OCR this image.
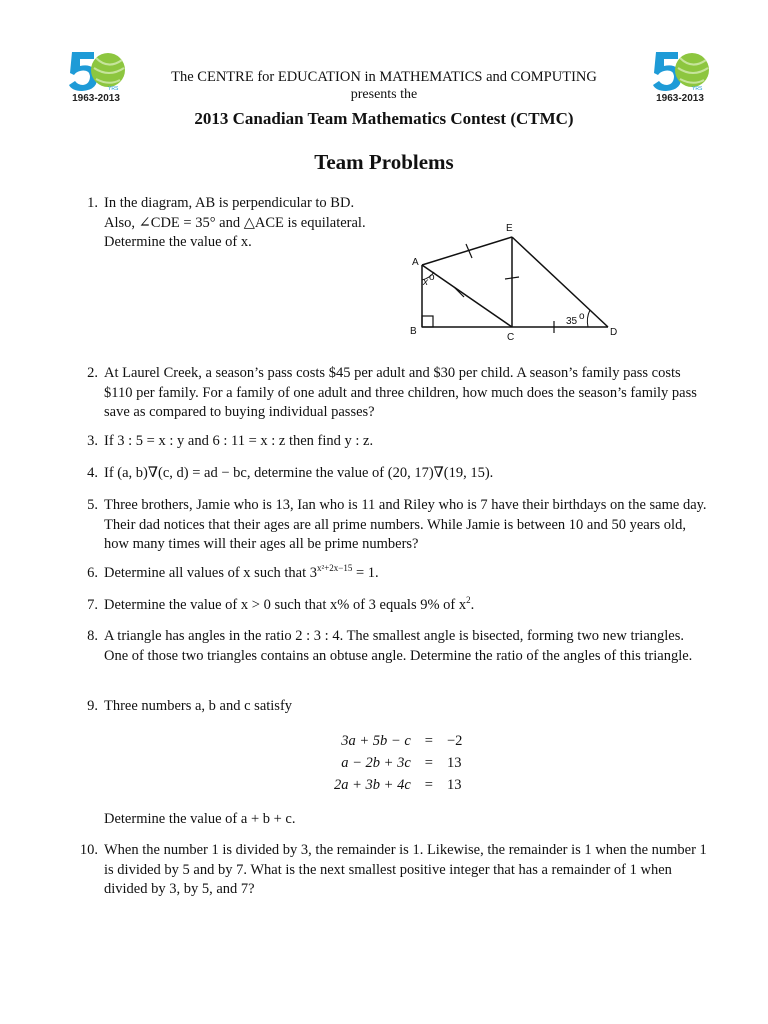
YRS
1963-2013
YRS
1963-2013
The CENTRE for EDUCATION in MATHEMATICS and COMPUTING
presents the
2013 Canadian Team Mathematics Contest (CTMC)
Team Problems
1. In the diagram, AB is perpendicular to BD.

Also, ∠CDE = 35° and △ACE is equilateral.

Determine the value of x.

A
B
C	D
E
x o
35 o
2. At Laurel Creek, a season’s pass costs $45 per adult and $30 per child. A season’s family pass costs $110 per family. For a family of one adult and three children, how much does the season’s family pass save as compared to buying individual passes?

3. If 3 : 5 = x : y and 6 : 11 = x : z then find y : z.

4. If (a, b)∇(c, d) = ad − bc, determine the value of (20, 17)∇(19, 15).

5. Three brothers, Jamie who is 13, Ian who is 11 and Riley who is 7 have their birthdays on the same day. Their dad notices that their ages are all prime numbers. While Jamie is between 10 and 50 years old, how many times will their ages all be prime numbers?

6. Determine all values of x such that $3^{x^2+2x-15} = 1$.

7. Determine the value of x > 0 such that x% of 3 equals 9% of $x^2$.

8. A triangle has angles in the ratio 2 : 3 : 4. The smallest angle is bisected, forming two new triangles. One of those two triangles contains an obtuse angle. Determine the ratio of the angles of this triangle.

9. Three numbers a, b and c satisfy

3a + 5b − c	=	−2
a − 2b + 3c	=	13
2a + 3b + 4c	=	13

Determine the value of a + b + c.

10. When the number 1 is divided by 3, the remainder is 1. Likewise, the remainder is 1 when the number 1 is divided by 5 and by 7. What is the next smallest positive integer that has a remainder of 1 when divided by 3, by 5, and 7?
